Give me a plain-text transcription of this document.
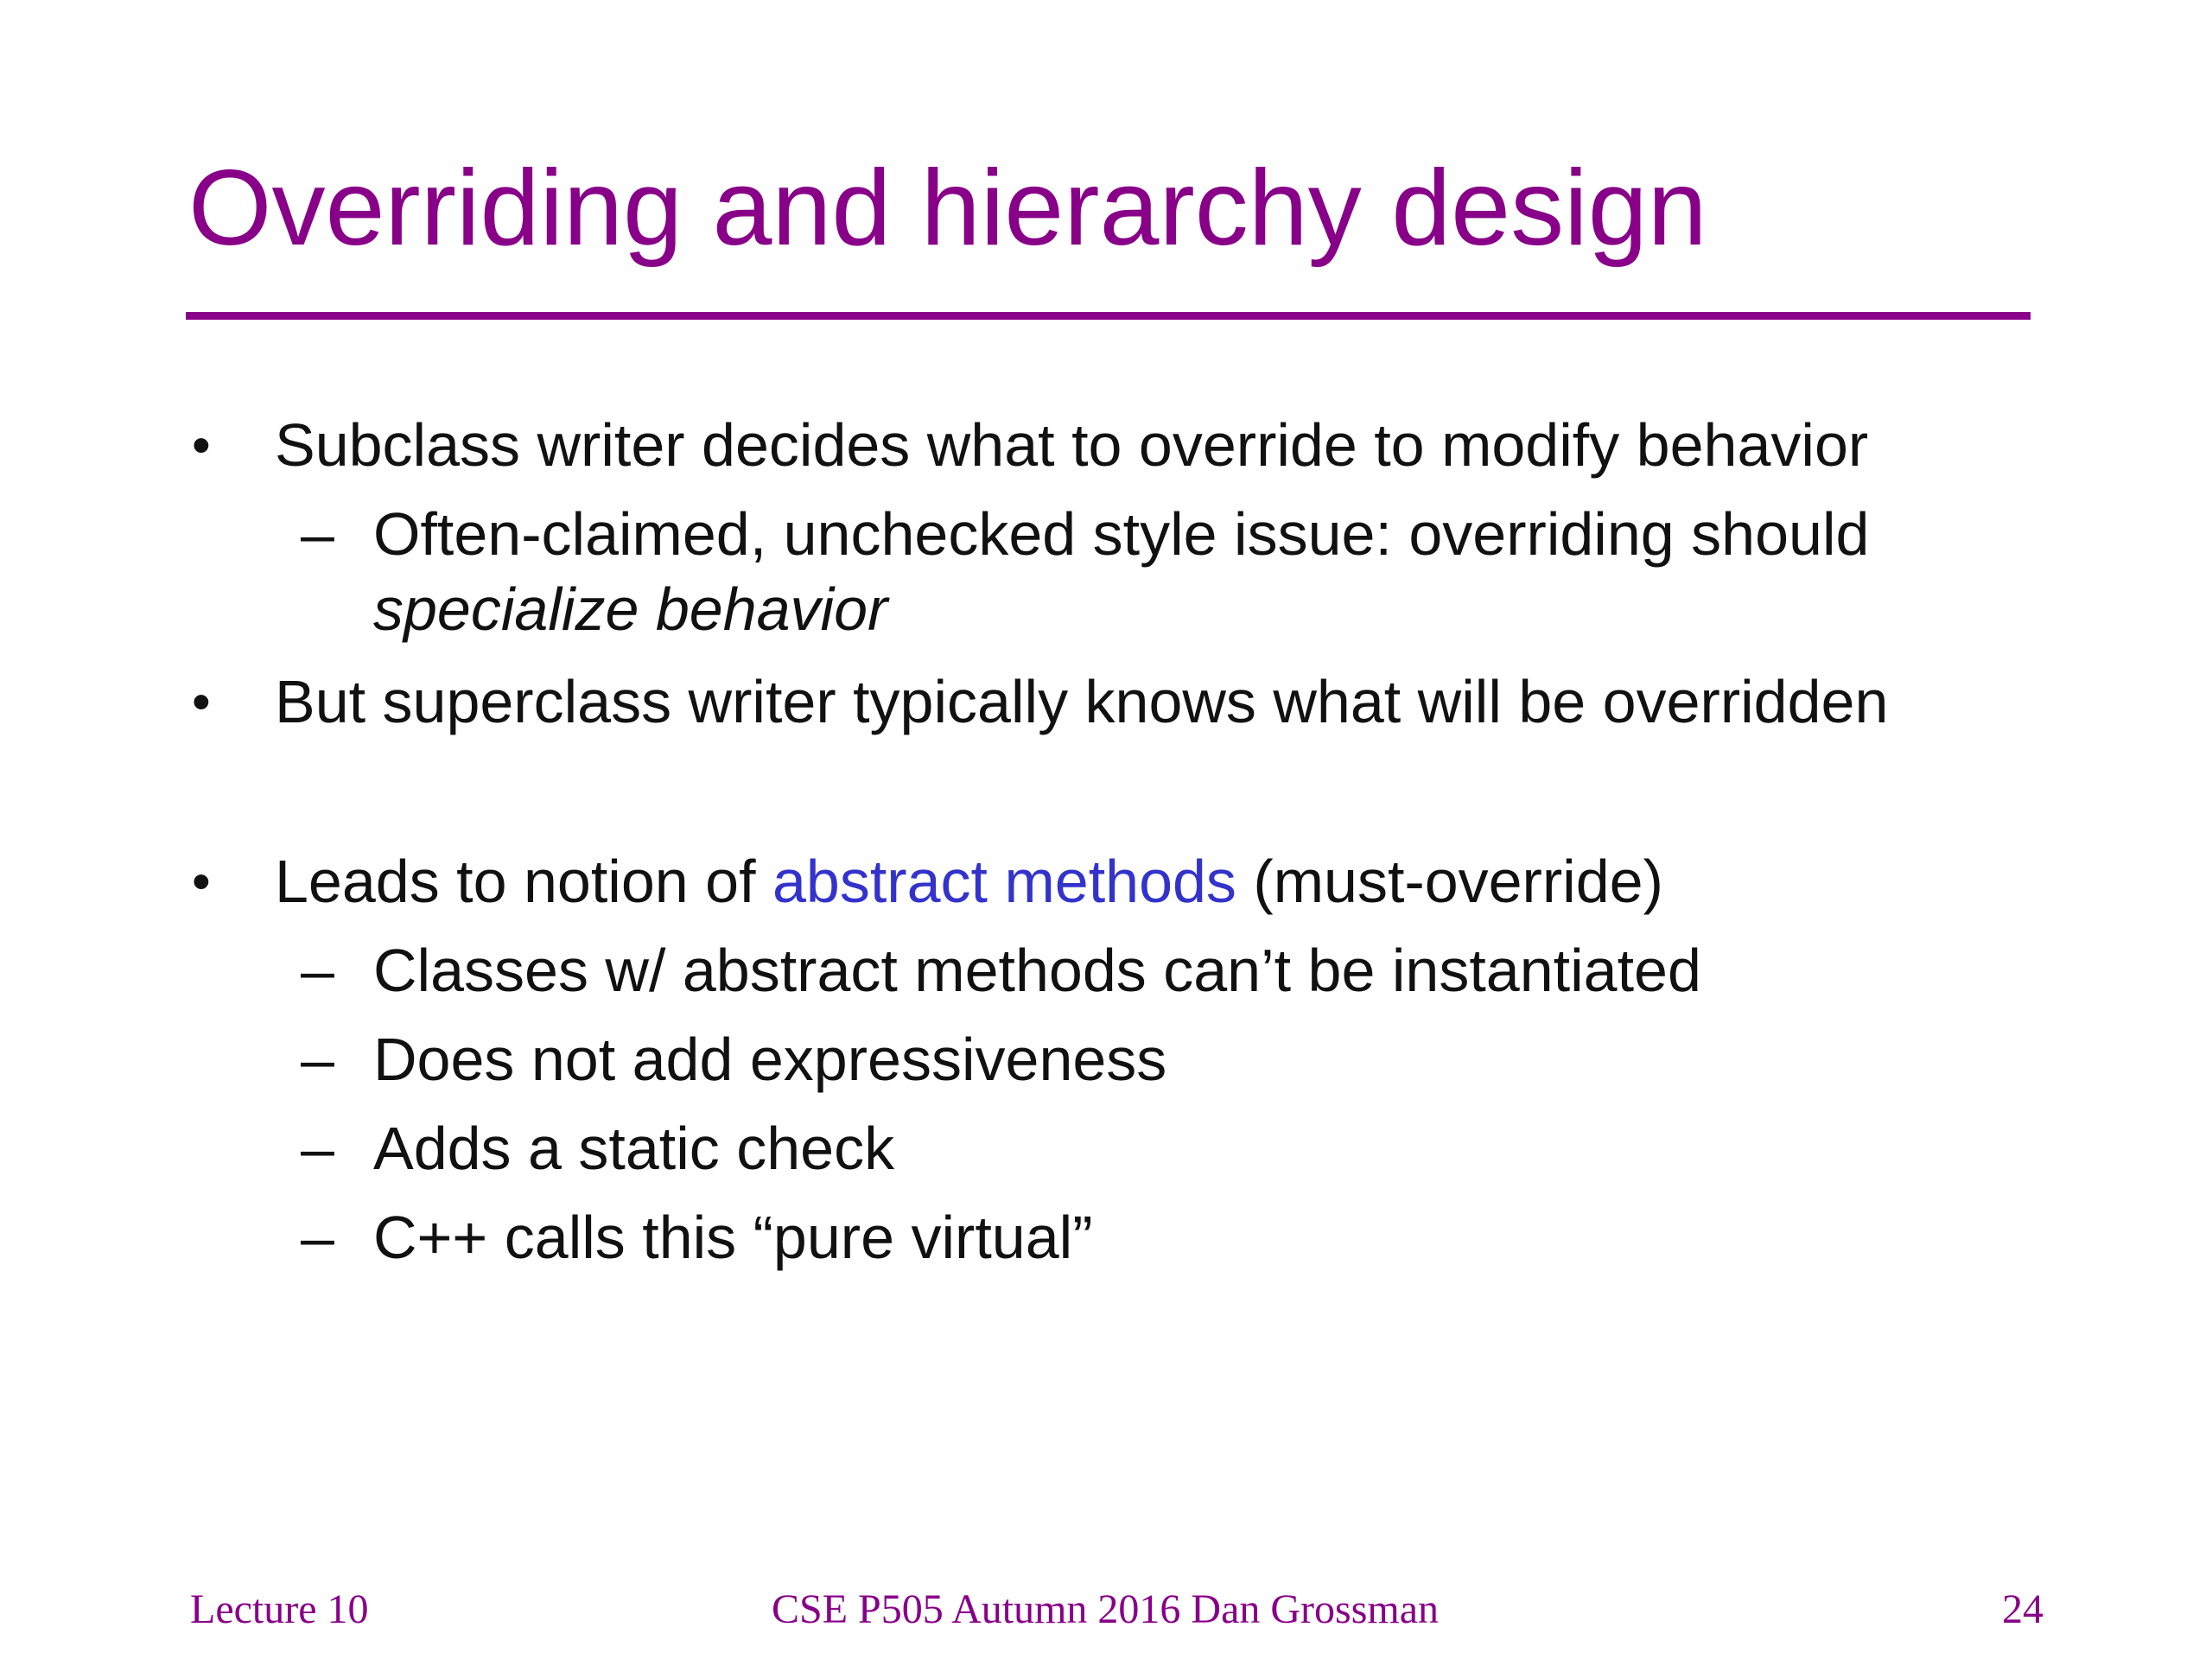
Overriding and hierarchy design
• Subclass writer decides what to override to modify behavior
– Often-claimed, unchecked style issue: overriding should
specialize behavior
• But superclass writer typically knows what will be overridden
• Leads to notion of abstract methods (must-override)
– Classes w/ abstract methods can’t be instantiated
– Does not add expressiveness
– Adds a static check
– C++ calls this “pure virtual”
Lecture 10	CSE P505 Autumn 2016 Dan Grossman	24
